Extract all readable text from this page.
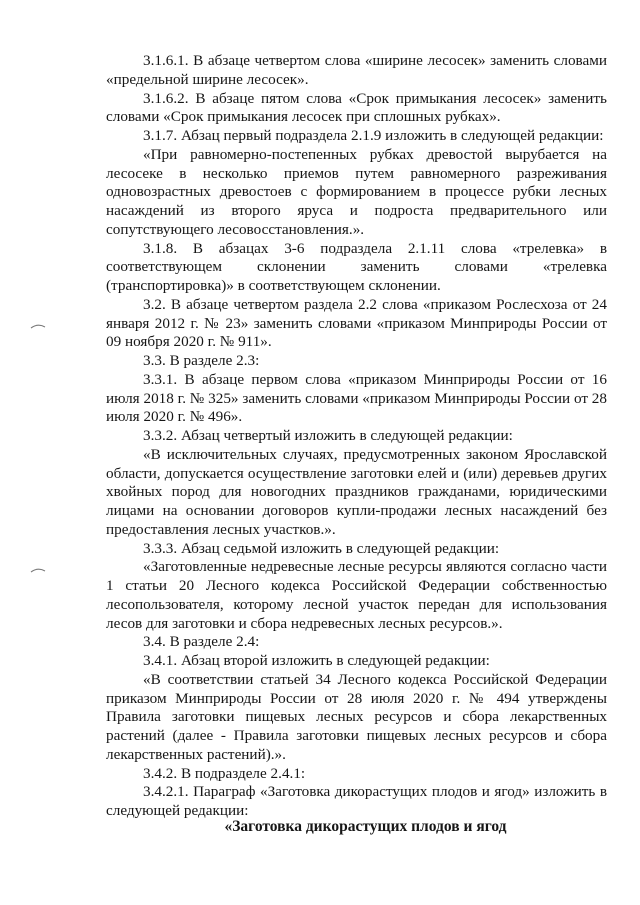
3.1.6.1. В абзаце четвертом слова «ширине лесосек» заменить словами «предельной ширине лесосек».

3.1.6.2. В абзаце пятом слова «Срок примыкания лесосек» заменить словами «Срок примыкания лесосек при сплошных рубках».

3.1.7. Абзац первый подраздела 2.1.9 изложить в следующей редакции:

«При равномерно-постепенных рубках древостой вырубается на лесосеке в несколько приемов путем равномерного разреживания одновозрастных древостоев с формированием в процессе рубки лесных насаждений из второго яруса и подроста предварительного или сопутствующего лесовосстановления.».

3.1.8. В абзацах 3-6 подраздела 2.1.11 слова «трелевка» в соответствующем склонении заменить словами «трелевка (транспортировка)» в соответствующем склонении.

3.2. В абзаце четвертом раздела 2.2 слова «приказом Рослесхоза от 24 января 2012 г. № 23» заменить словами «приказом Минприроды России от 09 ноября 2020 г. № 911».

3.3. В разделе 2.3:

3.3.1. В абзаце первом слова «приказом Минприроды России от 16 июля 2018 г. № 325» заменить словами «приказом Минприроды России от 28 июля 2020 г. № 496».

3.3.2. Абзац четвертый изложить в следующей редакции:

«В исключительных случаях, предусмотренных законом Ярославской области, допускается осуществление заготовки елей и (или) деревьев других хвойных пород для новогодних праздников гражданами, юридическими лицами на основании договоров купли-продажи лесных насаждений без предоставления лесных участков.».

3.3.3. Абзац седьмой изложить в следующей редакции:

«Заготовленные недревесные лесные ресурсы являются согласно части 1 статьи 20 Лесного кодекса Российской Федерации собственностью лесопользователя, которому лесной участок передан для использования лесов для заготовки и сбора недревесных лесных ресурсов.».

3.4. В разделе 2.4:

3.4.1. Абзац второй изложить в следующей редакции:

«В соответствии статьей 34 Лесного кодекса Российской Федерации приказом Минприроды России от 28 июля 2020 г. № 494 утверждены Правила заготовки пищевых лесных ресурсов и сбора лекарственных растений (далее - Правила заготовки пищевых лесных ресурсов и сбора лекарственных растений).».

3.4.2. В подразделе 2.4.1:

3.4.2.1. Параграф «Заготовка дикорастущих плодов и ягод» изложить в следующей редакции:

«Заготовка дикорастущих плодов и ягод
